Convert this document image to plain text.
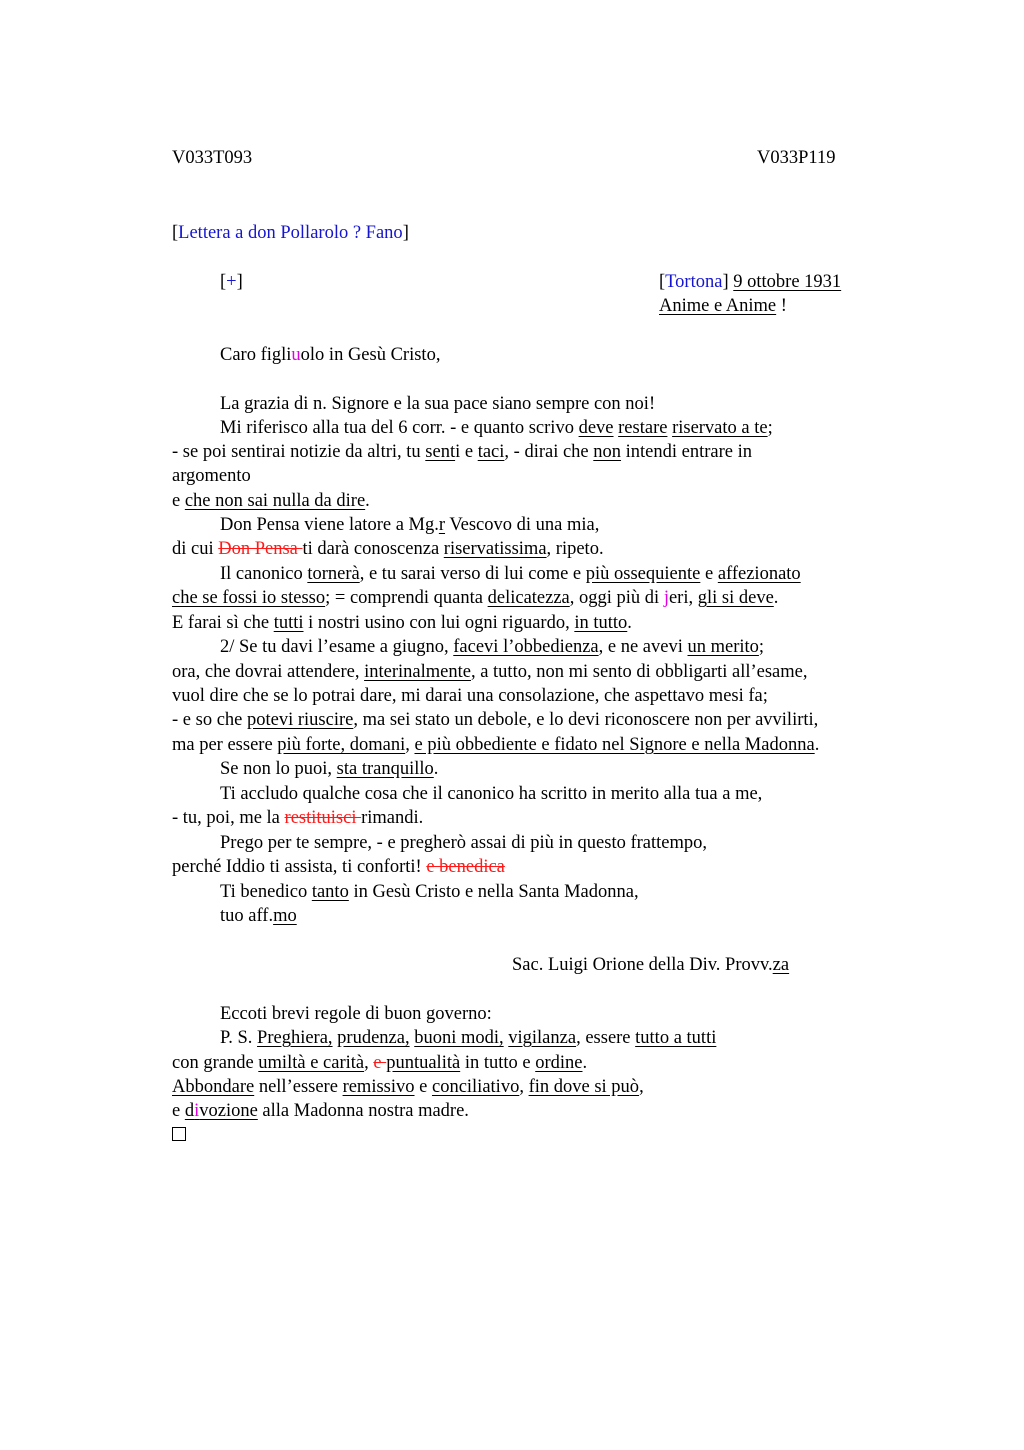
V033T093	V033P119
[Lettera a don Pollarolo ? Fano]
[+]	[Tortona] 9 ottobre 1931
Anime e Anime !
Caro figliuolo in Gesù Cristo,
La grazia di n. Signore e la sua pace siano sempre con noi!
Mi riferisco alla tua del 6 corr. - e quanto scrivo deve restare riservato a te;
- se poi sentirai notizie da altri, tu senti e taci, - dirai che non intendi entrare in
argomento
e che non sai nulla da dire.
Don Pensa viene latore a Mg.r Vescovo di una mia,
di cui Don Pensa ti darà conoscenza riservatissima, ripeto.
Il canonico tornerà, e tu sarai verso di lui come e più ossequiente e affezionato
che se fossi io stesso; = comprendi quanta delicatezza, oggi più di jeri, gli si deve.
E farai sì che tutti i nostri usino con lui ogni riguardo, in tutto.
2/ Se tu davi l’esame a giugno, facevi l’obbedienza, e ne avevi un merito;
ora, che dovrai attendere, interinalmente, a tutto, non mi sento di obbligarti all’esame,
vuol dire che se lo potrai dare, mi darai una consolazione, che aspettavo mesi fa;
- e so che potevi riuscire, ma sei stato un debole, e lo devi riconoscere non per avvilirti,
ma per essere più forte, domani, e più obbediente e fidato nel Signore e nella Madonna.
Se non lo puoi, sta tranquillo.
Ti accludo qualche cosa che il canonico ha scritto in merito alla tua a me,
- tu, poi, me la restituisci rimandi.
Prego per te sempre, - e pregherò assai di più in questo frattempo,
perché Iddio ti assista, ti conforti! e benedica
Ti benedico tanto in Gesù Cristo e nella Santa Madonna,
tuo aff.mo
Sac. Luigi Orione della Div. Provv.za
Eccoti brevi regole di buon governo:
P. S. Preghiera, prudenza, buoni modi, vigilanza, essere tutto a tutti
con grande umiltà e carità, e puntualità in tutto e ordine.
Abbondare nell’essere remissivo e conciliativo, fin dove si può,
e divozione alla Madonna nostra madre.
